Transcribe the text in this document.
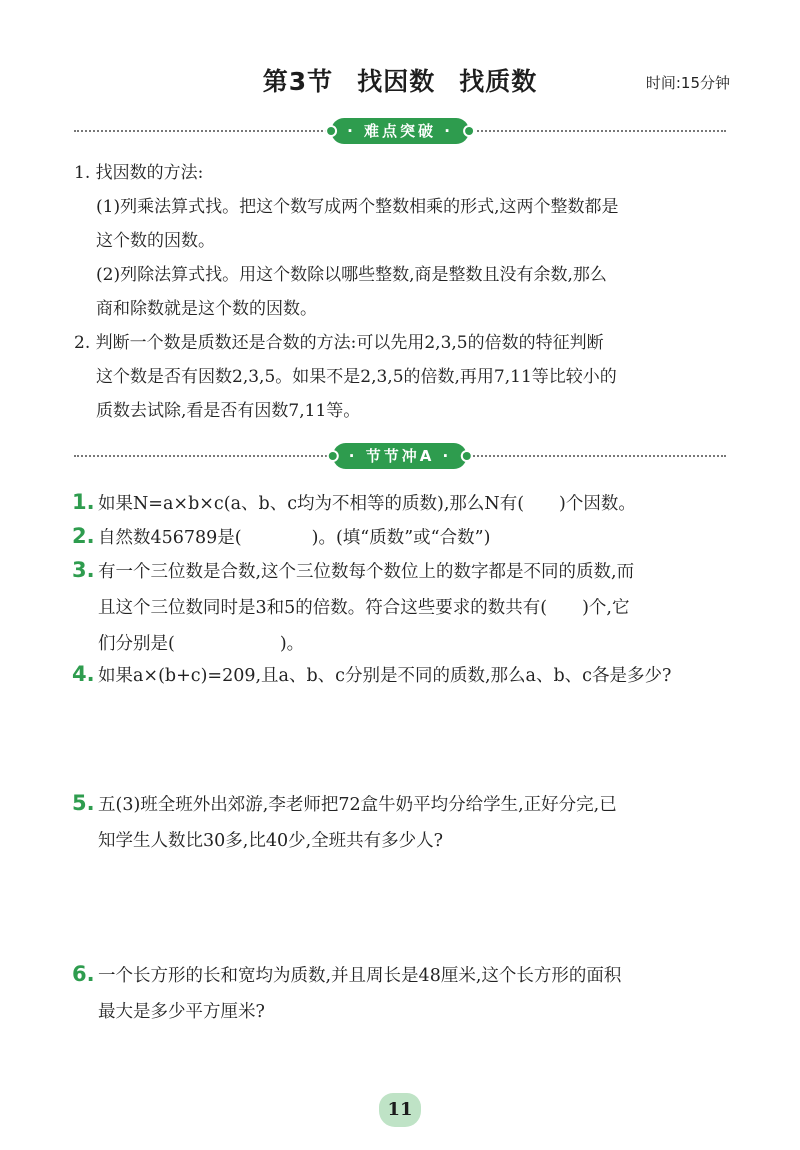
第3节 找因数 找质数	时间:15分钟
· 难点突破 ·
1. 找因数的方法:
(1)列乘法算式找。把这个数写成两个整数相乘的形式,这两个整数都是
这个数的因数。
(2)列除法算式找。用这个数除以哪些整数,商是整数且没有余数,那么
商和除数就是这个数的因数。
2. 判断一个数是质数还是合数的方法:可以先用2,3,5的倍数的特征判断
这个数是否有因数2,3,5。如果不是2,3,5的倍数,再用7,11等比较小的
质数去试除,看是否有因数7,11等。
· 节节冲A ·
1. 如果N=a×b×c(a、b、c均为不相等的质数),那么N有(　　)个因数。
2. 自然数456789是(　　　　)。(填“质数”或“合数”)
3. 有一个三位数是合数,这个三位数每个数位上的数字都是不同的质数,而
且这个三位数同时是3和5的倍数。符合这些要求的数共有(　　)个,它
们分别是(　　　　　　)。
4. 如果a×(b+c)=209,且a、b、c分别是不同的质数,那么a、b、c各是多少?
5. 五(3)班全班外出郊游,李老师把72盒牛奶平均分给学生,正好分完,已
知学生人数比30多,比40少,全班共有多少人?
6. 一个长方形的长和宽均为质数,并且周长是48厘米,这个长方形的面积
最大是多少平方厘米?
11
